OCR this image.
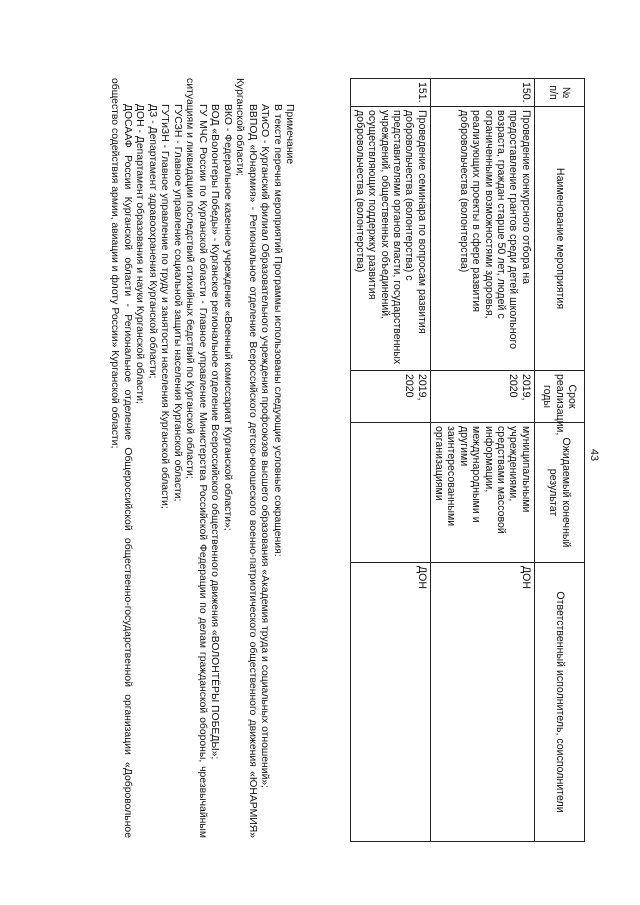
43
№ п/п	Наименование мероприятия	Срок реализации, годы	Ожидаемый конечный результат	Ответственный исполнитель, соисполнители
150.	Проведение конкурсного отбора на предоставление грантов среди детей школьного возраста, граждан старше 50 лет, людей с ограниченными возможностями здоровья, реализующих проекты в сфере развития добровольчества (волонтерства)	2019, 2020	муниципальными учреждениями, средствами массовой информации, международными и другими заинтересованными организациями	ДОН
151.	Проведение семинара по вопросам развития добровольчества (волонтерства) с представителями органов власти, государственных учреждений, общественных объединений, осуществляющих поддержку развития добровольчества (волонтерства)	2019, 2020		ДОН

Примечание

В тексте перечня мероприятий Программы использованы следующие условные сокращения:

АТиСО - Курганский филиал Образовательного учреждения профсоюзов высшего образования «Академия труда и социальных отношений»;

ВВПОД «Юнармия» - Региональное отделение Всероссийского детско-юношеского военно-патриотического общественного движения «ЮНАРМИЯ» Курганской области;

ВКО - Федеральное казенное учреждение «Военный комиссариат Курганской области»;

ВОД «Волонтеры Победы» - Курганское региональное отделение Всероссийского общественного движения «ВОЛОНТЁРЫ ПОБЕДЫ»;

ГУ МЧС России по Курганской области - Главное управление Министерства Российской Федерации по делам гражданской обороны, чрезвычайным ситуациям и ликвидации последствий стихийных бедствий по Курганской области;

ГУСЗН - Главное управление социальной защиты населения Курганской области;

ГУТиЗН - Главное управление по труду и занятости населения Курганской области;

ДЗ - Департамент здравоохранения Курганской области;

ДОН - Департамент образования и науки Курганской области;

ДОСААФ России Курганской области - Региональное отделение Общероссийской общественно-государственной организации «Добровольное общество содействия армии, авиации и флоту России» Курганской области;
